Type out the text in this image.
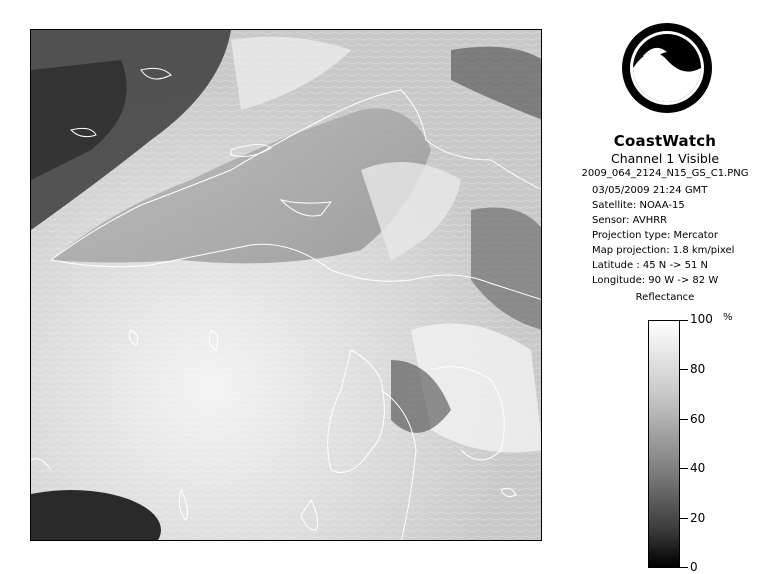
CoastWatch
Channel 1 Visible
2009_064_2124_N15_GS_C1.PNG
03/05/2009 21:24 GMT
Satellite: NOAA-15
Sensor: AVHRR
Projection type: Mercator
Map projection: 1.8 km/pixel
Latitude : 45 N -> 51 N
Longitude: 90 W -> 82 W
Reflectance
%
100
80
60
40
20
0
